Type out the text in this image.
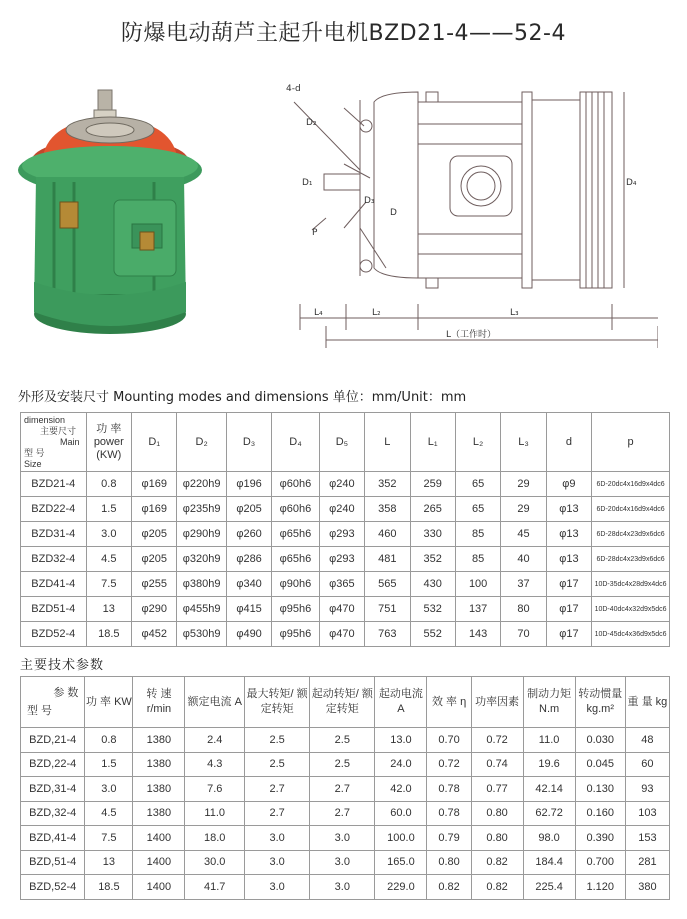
防爆电动葫芦主起升电机BZD21-4——52-4
4-d
D₂
D₁
P
D₃
D
D₄
L₄	L₂	L₃
L（工作时）
外形及安装尺寸 Mounting modes and dimensions 单位：mm/Unit：mm
dimension
主要尺寸
Main
型 号
Size	功 率 power (KW)	D₁	D₂	D₃	D₄	D₅	L	L₁	L₂	L₃	d	p
BZD21-4	0.8	φ169	φ220h9	φ196	φ60h6	φ240	352	259	65	29	φ9	6D-20dc4x16d9x4dc6
BZD22-4	1.5	φ169	φ235h9	φ205	φ60h6	φ240	358	265	65	29	φ13	6D-20dc4x16d9x4dc6
BZD31-4	3.0	φ205	φ290h9	φ260	φ65h6	φ293	460	330	85	45	φ13	6D-28dc4x23d9x6dc6
BZD32-4	4.5	φ205	φ320h9	φ286	φ65h6	φ293	481	352	85	40	φ13	6D-28dc4x23d9x6dc6
BZD41-4	7.5	φ255	φ380h9	φ340	φ90h6	φ365	565	430	100	37	φ17	10D-35dc4x28d9x4dc6
BZD51-4	13	φ290	φ455h9	φ415	φ95h6	φ470	751	532	137	80	φ17	10D-40dc4x32d9x5dc6
BZD52-4	18.5	φ452	φ530h9	φ490	φ95h6	φ470	763	552	143	70	φ17	10D-45dc4x36d9x5dc6
主要技术参数
参 数
型 号	功 率 KW	转 速 r/min	额定电流 A	最大转矩/ 额定转矩	起动转矩/ 额定转矩	起动电流 A	效 率 η	功率因素	制动力矩 N.m	转动惯量 kg.m²	重 量 kg
BZD,21-4	0.8	1380	2.4	2.5	2.5	13.0	0.70	0.72	11.0	0.030	48
BZD,22-4	1.5	1380	4.3	2.5	2.5	24.0	0.72	0.74	19.6	0.045	60
BZD,31-4	3.0	1380	7.6	2.7	2.7	42.0	0.78	0.77	42.14	0.130	93
BZD,32-4	4.5	1380	11.0	2.7	2.7	60.0	0.78	0.80	62.72	0.160	103
BZD,41-4	7.5	1400	18.0	3.0	3.0	100.0	0.79	0.80	98.0	0.390	153
BZD,51-4	13	1400	30.0	3.0	3.0	165.0	0.80	0.82	184.4	0.700	281
BZD,52-4	18.5	1400	41.7	3.0	3.0	229.0	0.82	0.82	225.4	1.120	380
